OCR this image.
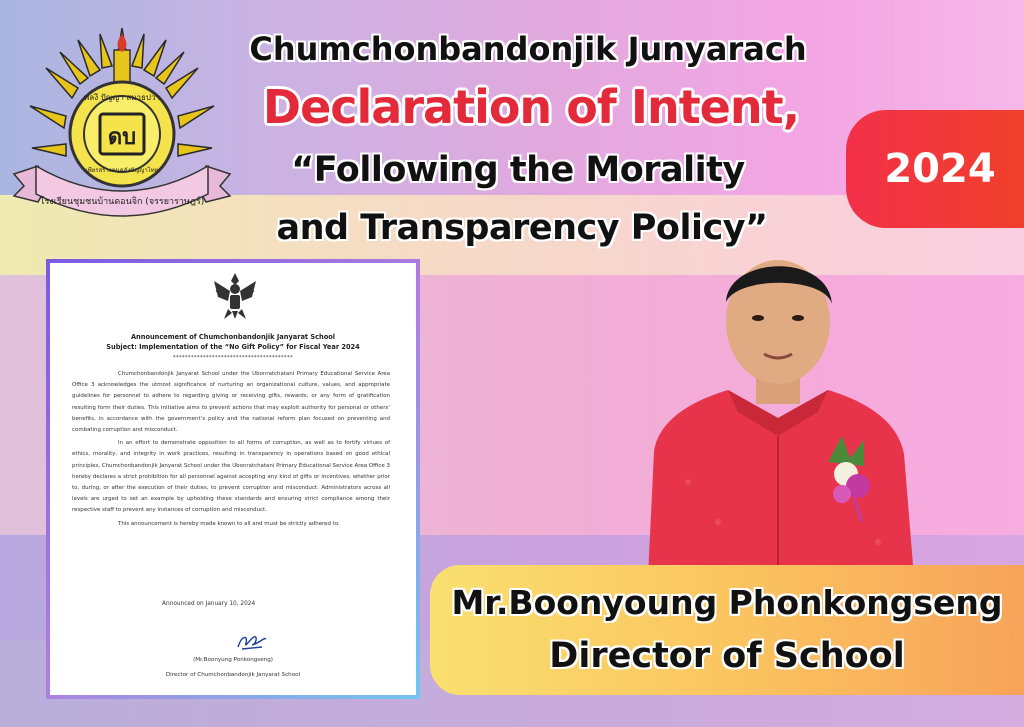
ดบ
พลงี ปัญญา สมาธปวา
เพียรสร้างคนคลังปัญญาไทย
โรงเรียนชุมชนบ้านดอนจิก (จรรยาราษฎร์)
Chumchonbandonjik Junyarach
Declaration of Intent,
“Following the Morality
and Transparency Policy”
2024
Announcement of Chumchonbandonjik Janyarat School
Subject: Implementation of the “No Gift Policy” for Fiscal Year 2024
****************************************

Chumchonbandonjik Janyarat School under the Ubonratchatani Primary Educational Service Area Office 3 acknowledges the utmost significance of nurturing an organizational culture, values, and appropriate guidelines for personnel to adhere to regarding giving or receiving gifts, rewards, or any form of gratification resulting form their duties. This initiative aims to prevent actions that may exploit authority for personal or others’ benefits, in accordance with the government’s policy and the national reform plan focused on preventing and combating corruption and misconduct.

In an effort to demonstrate opposition to all forms of corruption, as well as to fortify virtues of ethics, morality, and integrity in work practices, resulting in transparency in operations based on good ethical principles, Chumchonbandonjik Janyarat School under the Ubonratchatani Primary Educational Service Area Office 3 hereby declares a strict prohibition for all personnel against accepting any kind of gifts or incentives, whether prior to, during, or after the execution of their duties, to prevent corruption and misconduct. Administrators across all levels are urged to set an example by upholding these standards and ensuring strict compliance among their respective staff to prevent any instances of corruption and misconduct.

This announcement is hereby made known to all and must be strictly adhered to.

Announced on January 10, 2024
(Mr.Boonyung Ponkongseng)
Director of Chumchonbandonjik Janyarat School
Mr.Boonyoung Phonkongseng
Director of School
